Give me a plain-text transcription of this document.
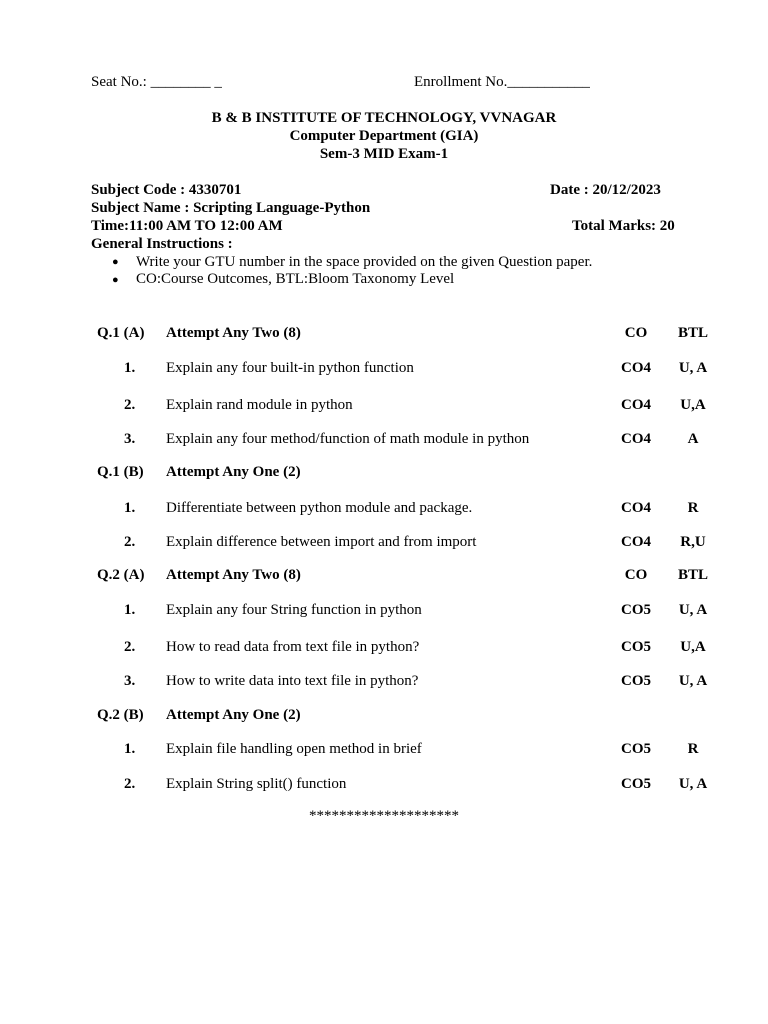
Seat No.: ________ _	Enrollment No.___________
B & B INSTITUTE OF TECHNOLOGY, VVNAGAR
Computer Department (GIA)
Sem-3 MID Exam-1
Subject Code : 4330701	Date : 20/12/2023
Subject Name : Scripting Language-Python
Time:11:00 AM TO 12:00 AM	Total Marks: 20
General Instructions :
● Write your GTU number in the space provided on the given Question paper.
● CO:Course Outcomes, BTL:Bloom Taxonomy Level
Q.1 (A) Attempt Any Two (8)	CO	BTL
1. Explain any four built-in python function	CO4	U, A
2. Explain rand module in python	CO4	U,A
3. Explain any four method/function of math module in python	CO4	A
Q.1 (B) Attempt Any One (2)
1. Differentiate between python module and package.	CO4	R
2. Explain difference between import and from import	CO4	R,U
Q.2 (A) Attempt Any Two (8)	CO	BTL
1. Explain any four String function in python	CO5	U, A
2. How to read data from text file in python?	CO5	U,A
3. How to write data into text file in python?	CO5	U, A
Q.2 (B) Attempt Any One (2)
1. Explain file handling open method in brief	CO5	R
2. Explain String split() function	CO5	U, A
********************
